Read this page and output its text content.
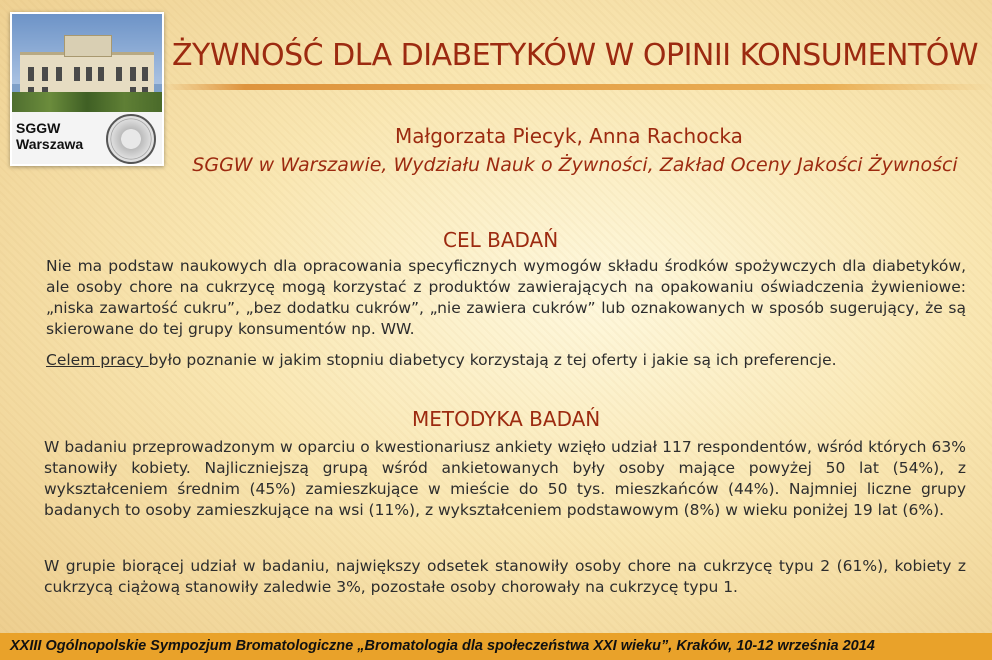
SGGW
Warszawa
ŻYWNOŚĆ DLA DIABETYKÓW W OPINII KONSUMENTÓW
Małgorzata Piecyk, Anna Rachocka
SGGW w Warszawie, Wydziału Nauk o Żywności, Zakład Oceny Jakości Żywności
CEL BADAŃ
Nie ma podstaw naukowych dla opracowania specyficznych wymogów składu środków spożywczych dla diabetyków, ale osoby chore na cukrzycę mogą korzystać z produktów zawierających na opakowaniu oświadczenia żywieniowe: „niska zawartość cukru”, „bez dodatku cukrów”, „nie zawiera cukrów” lub oznakowanych w sposób sugerujący, że są skierowane do tej grupy konsumentów np. WW.
Celem pracy było poznanie w jakim stopniu diabetycy korzystają z tej oferty i jakie są ich preferencje.
METODYKA BADAŃ
W badaniu przeprowadzonym w oparciu o kwestionariusz ankiety wzięło udział 117 respondentów, wśród których 63% stanowiły kobiety. Najliczniejszą grupą wśród ankietowanych były osoby mające powyżej 50 lat (54%), z wykształceniem średnim (45%) zamieszkujące w mieście do 50 tys. mieszkańców (44%). Najmniej liczne grupy badanych to osoby zamieszkujące na wsi (11%), z wykształceniem podstawowym (8%) w wieku poniżej 19 lat (6%).
W grupie biorącej udział w badaniu, największy odsetek stanowiły osoby chore na cukrzycę typu 2 (61%), kobiety z cukrzycą ciążową stanowiły zaledwie 3%, pozostałe osoby chorowały na cukrzycę typu 1.
XXIII Ogólnopolskie Sympozjum Bromatologiczne „Bromatologia dla społeczeństwa XXI wieku”, Kraków, 10-12 września 2014
